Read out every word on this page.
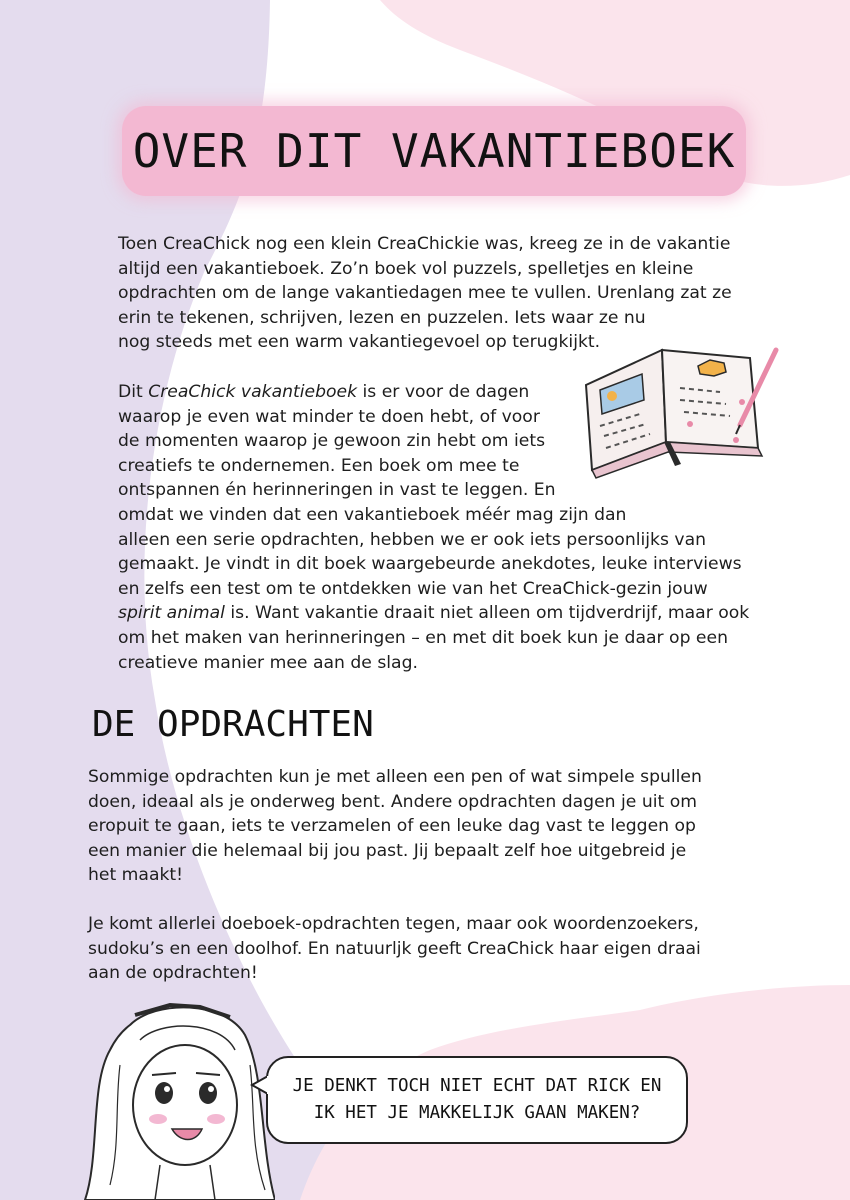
OVER DIT VAKANTIEBOEK

Toen CreaChick nog een klein CreaChickie was, kreeg ze in de vakantie
altijd een vakantieboek. Zo’n boek vol puzzels, spelletjes en kleine
opdrachten om de lange vakantiedagen mee te vullen. Urenlang zat ze
erin te tekenen, schrijven, lezen en puzzelen. Iets waar ze nu
nog steeds met een warm vakantiegevoel op terugkijkt.

Dit CreaChick vakantieboek is er voor de dagen
waarop je even wat minder te doen hebt, of voor
de momenten waarop je gewoon zin hebt om iets
creatiefs te ondernemen. Een boek om mee te
ontspannen én herinneringen in vast te leggen. En
omdat we vinden dat een vakantieboek méér mag zijn dan
alleen een serie opdrachten, hebben we er ook iets persoonlijks van
gemaakt. Je vindt in dit boek waargebeurde anekdotes, leuke interviews
en zelfs een test om te ontdekken wie van het CreaChick-gezin jouw
spirit animal is. Want vakantie draait niet alleen om tijdverdrijf, maar ook
om het maken van herinneringen – en met dit boek kun je daar op een
creatieve manier mee aan de slag.

DE OPDRACHTEN

Sommige opdrachten kun je met alleen een pen of wat simpele spullen
doen, ideaal als je onderweg bent. Andere opdrachten dagen je uit om
eropuit te gaan, iets te verzamelen of een leuke dag vast te leggen op
een manier die helemaal bij jou past. Jij bepaalt zelf hoe uitgebreid je
het maakt!

Je komt allerlei doeboek-opdrachten tegen, maar ook woordenzoekers,
sudoku’s en een doolhof. En natuurljk geeft CreaChick haar eigen draai
aan de opdrachten!

JE DENKT TOCH NIET ECHT DAT RICK EN
IK HET JE MAKKELIJK GAAN MAKEN?
